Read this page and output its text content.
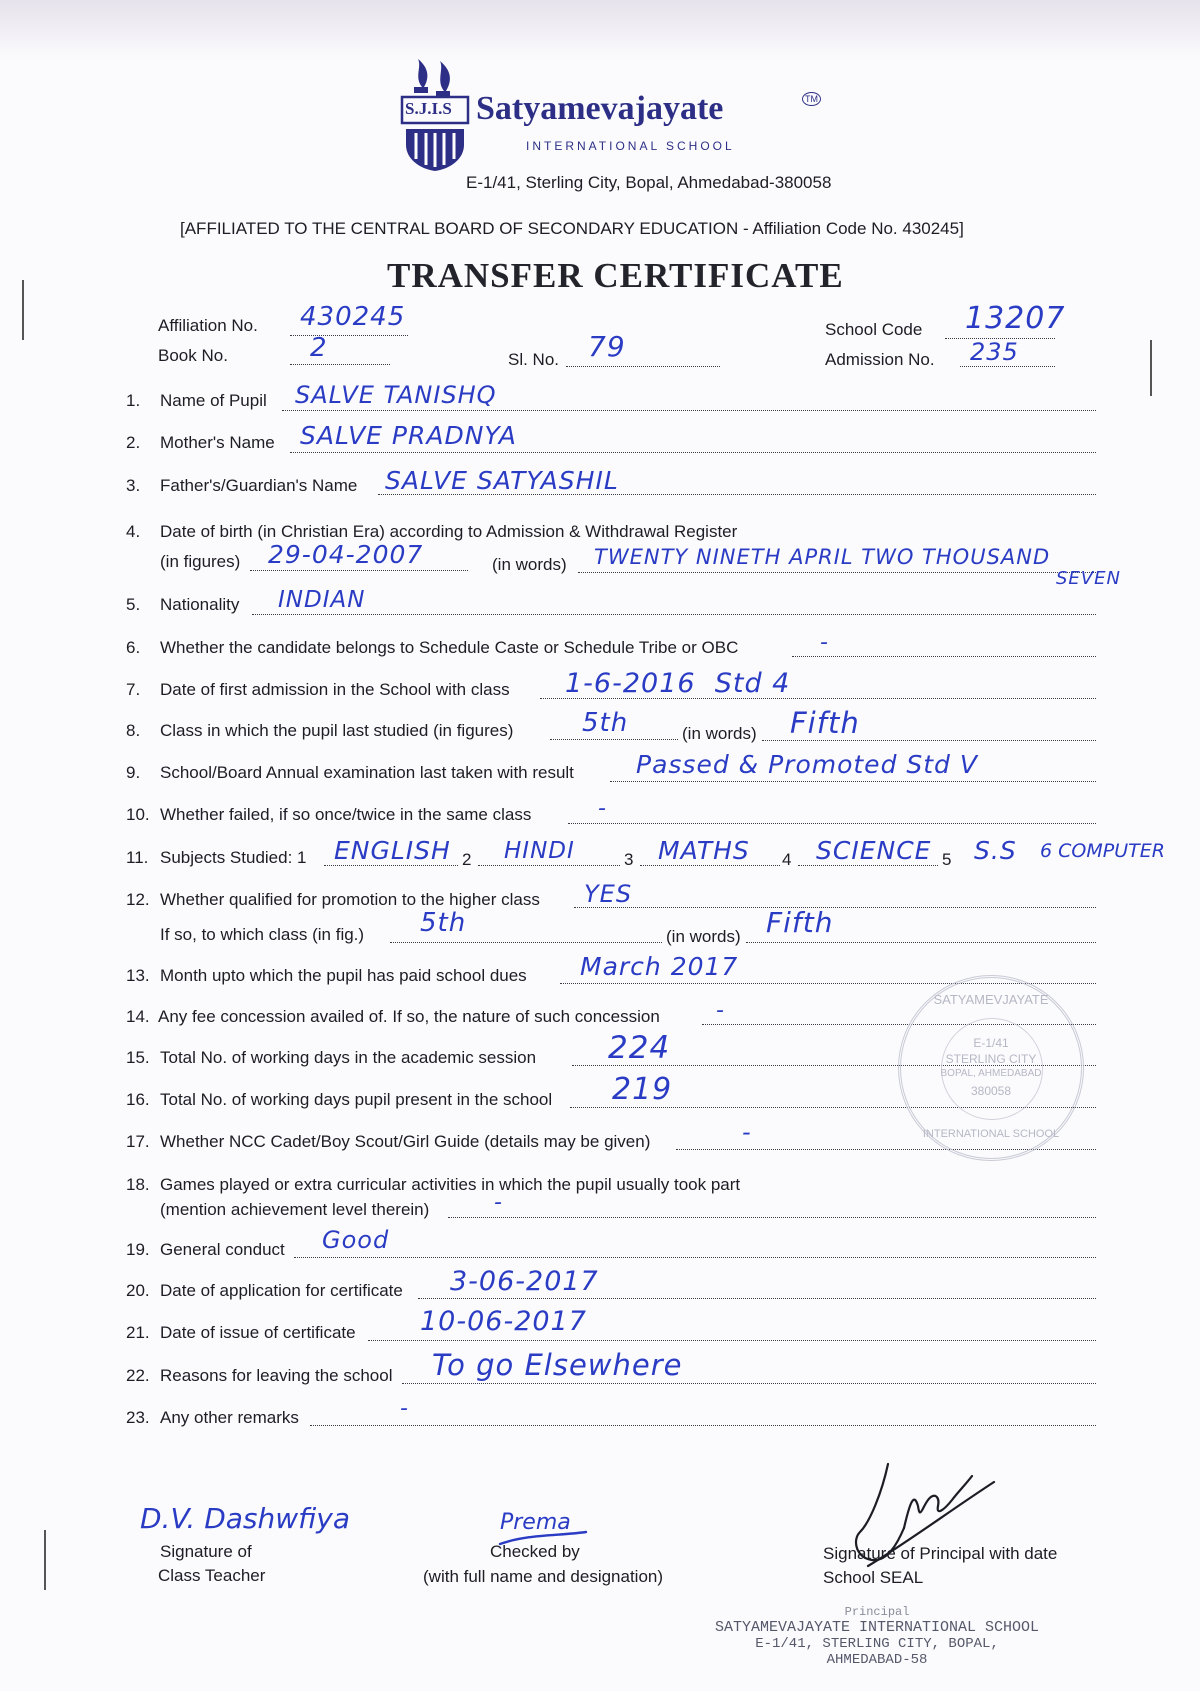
S.J.I.S Satyamevajayate	TM
INTERNATIONAL SCHOOL
E-1/41, Sterling City, Bopal, Ahmedabad-380058
[AFFILIATED TO THE CENTRAL BOARD OF SECONDARY EDUCATION - Affiliation Code No. 430245]
TRANSFER CERTIFICATE
Affiliation No. 430245
Book No.	2	Sl. No. 79
School Code 13207
Admission No. 235
1. Name of Pupil SALVE TANISHQ
2. Mother's Name SALVE PRADNYA
3. Father's/Guardian's Name SALVE SATYASHIL
4. Date of birth (in Christian Era) according to Admission & Withdrawal Register
(in figures) 29-04-2007	(in words) TWENTY NINETH APRIL TWO THOUSAND
SEVEN
5. Nationality INDIAN
6. Whether the candidate belongs to Schedule Caste or Schedule Tribe or OBC	-
7. Date of first admission in the School with class 1-6-2016  Std 4
8. Class in which the pupil last studied (in figures)	5th	(in words) Fifth
9. School/Board Annual examination last taken with result Passed & Promoted Std V
10. Whether failed, if so once/twice in the same class	-
11. Subjects Studied: 1 ENGLISH 2 HINDI	3 MATHS 4 SCIENCE 5 S.S 6 COMPUTER
12. Whether qualified for promotion to the higher class YES
If so, to which class (in fig.) 5th	(in words) Fifth
13. Month upto which the pupil has paid school dues March 2017
14. Any fee concession availed of. If so, the nature of such concession	-
15. Total No. of working days in the academic session 224
16. Total No. of working days pupil present in the school 219
17. Whether NCC Cadet/Boy Scout/Girl Guide (details may be given)	-
18. Games played or extra curricular activities in which the pupil usually took part
(mention achievement level therein)	-
19. General conduct Good
20. Date of application for certificate 3-06-2017
21. Date of issue of certificate 10-06-2017
22. Reasons for leaving the school To go Elsewhere
23. Any other remarks	-
SATYAMEVJAYATE
E-1/41
STERLING CITY
BOPAL, AHMEDABAD
380058
INTERNATIONAL SCHOOL
D.V. Dashwfiya
Signature of
Class Teacher
Prema
Checked by
(with full name and designation)
Signature of Principal with date
School SEAL
Principal
SATYAMEVAJAYATE INTERNATIONAL SCHOOL
E-1/41, STERLING CITY, BOPAL,
AHMEDABAD-58
